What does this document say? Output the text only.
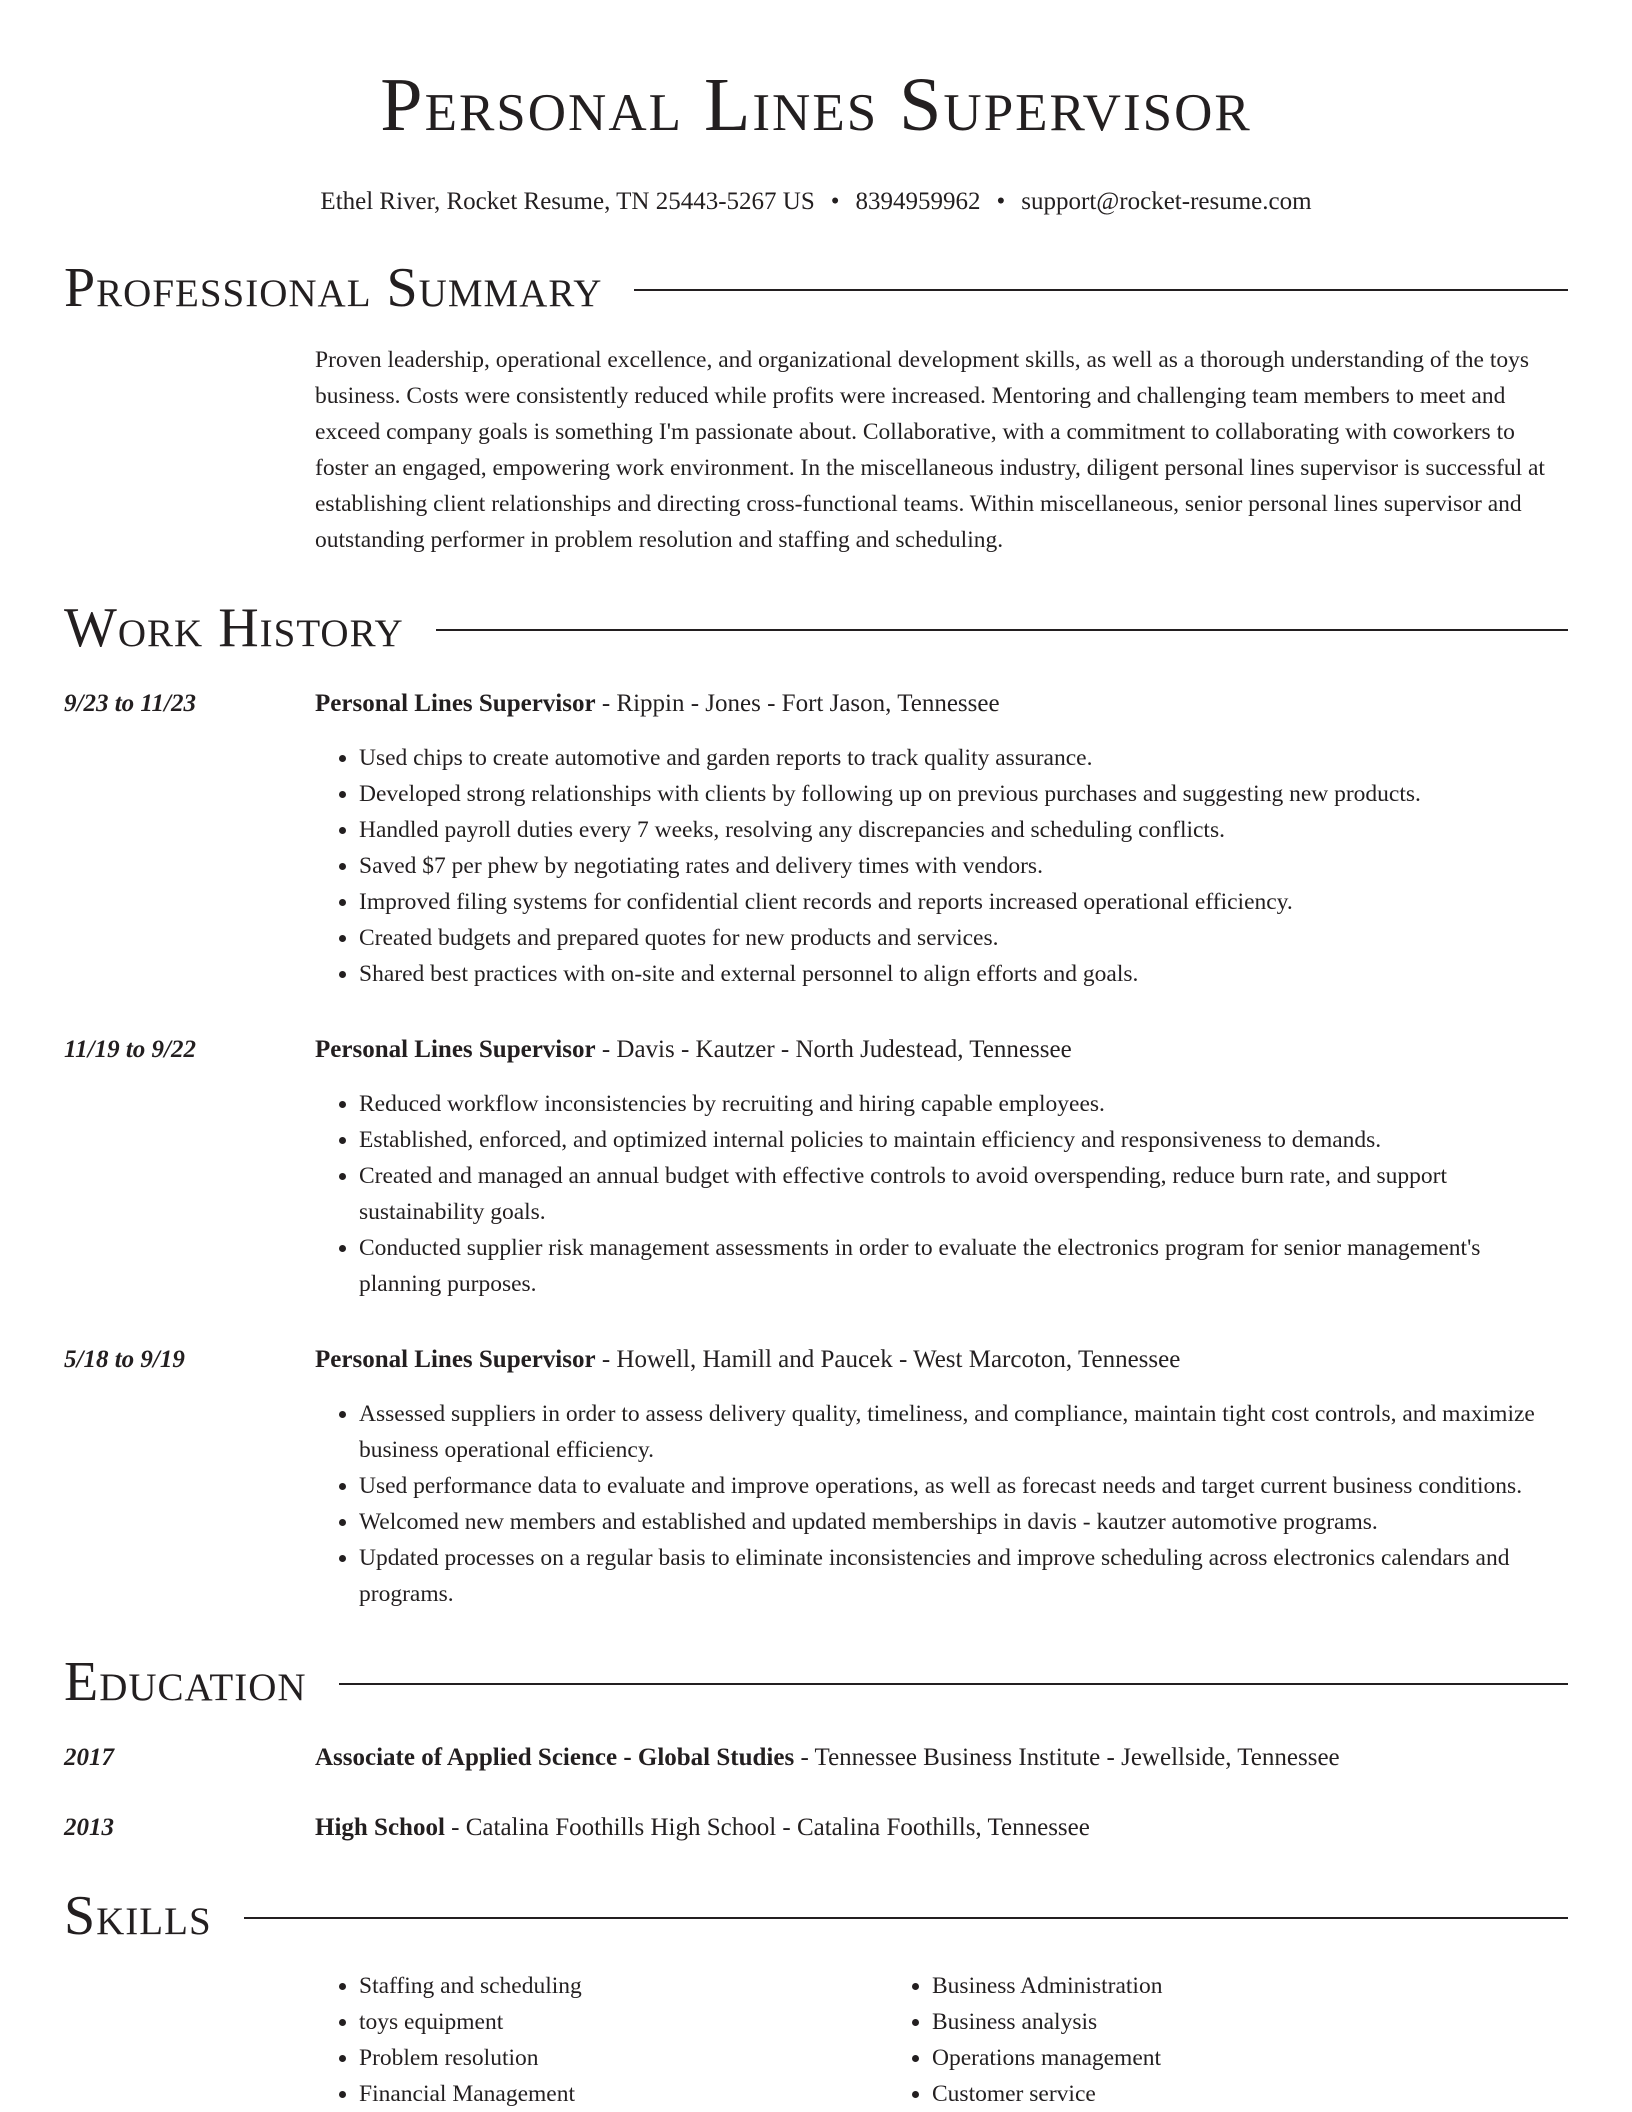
Personal Lines Supervisor
Ethel River, Rocket Resume, TN 25443-5267 US • 8394959962 • support@rocket-resume.com
Professional Summary
Proven leadership, operational excellence, and organizational development skills, as well as a thorough understanding of the toys business. Costs were consistently reduced while profits were increased. Mentoring and challenging team members to meet and exceed company goals is something I'm passionate about. Collaborative, with a commitment to collaborating with coworkers to foster an engaged, empowering work environment. In the miscellaneous industry, diligent personal lines supervisor is successful at establishing client relationships and directing cross-functional teams. Within miscellaneous, senior personal lines supervisor and outstanding performer in problem resolution and staffing and scheduling.
Work History
9/23 to 11/23	Personal Lines Supervisor - Rippin - Jones - Fort Jason, Tennessee
• Used chips to create automotive and garden reports to track quality assurance.
• Developed strong relationships with clients by following up on previous purchases and suggesting new products.
• Handled payroll duties every 7 weeks, resolving any discrepancies and scheduling conflicts.
• Saved $7 per phew by negotiating rates and delivery times with vendors.
• Improved filing systems for confidential client records and reports increased operational efficiency.
• Created budgets and prepared quotes for new products and services.
• Shared best practices with on-site and external personnel to align efforts and goals.
11/19 to 9/22	Personal Lines Supervisor - Davis - Kautzer - North Judestead, Tennessee
• Reduced workflow inconsistencies by recruiting and hiring capable employees.
• Established, enforced, and optimized internal policies to maintain efficiency and responsiveness to demands.
• Created and managed an annual budget with effective controls to avoid overspending, reduce burn rate, and support sustainability goals.
• Conducted supplier risk management assessments in order to evaluate the electronics program for senior management's planning purposes.
5/18 to 9/19	Personal Lines Supervisor - Howell, Hamill and Paucek - West Marcoton, Tennessee
• Assessed suppliers in order to assess delivery quality, timeliness, and compliance, maintain tight cost controls, and maximize business operational efficiency.
• Used performance data to evaluate and improve operations, as well as forecast needs and target current business conditions.
• Welcomed new members and established and updated memberships in davis - kautzer automotive programs.
• Updated processes on a regular basis to eliminate inconsistencies and improve scheduling across electronics calendars and programs.
Education
2017	Associate of Applied Science - Global Studies - Tennessee Business Institute - Jewellside, Tennessee
2013	High School - Catalina Foothills High School - Catalina Foothills, Tennessee
Skills
• Staffing and scheduling
• toys equipment
• Problem resolution
• Financial Management
• Business Administration
• Business analysis
• Operations management
• Customer service
